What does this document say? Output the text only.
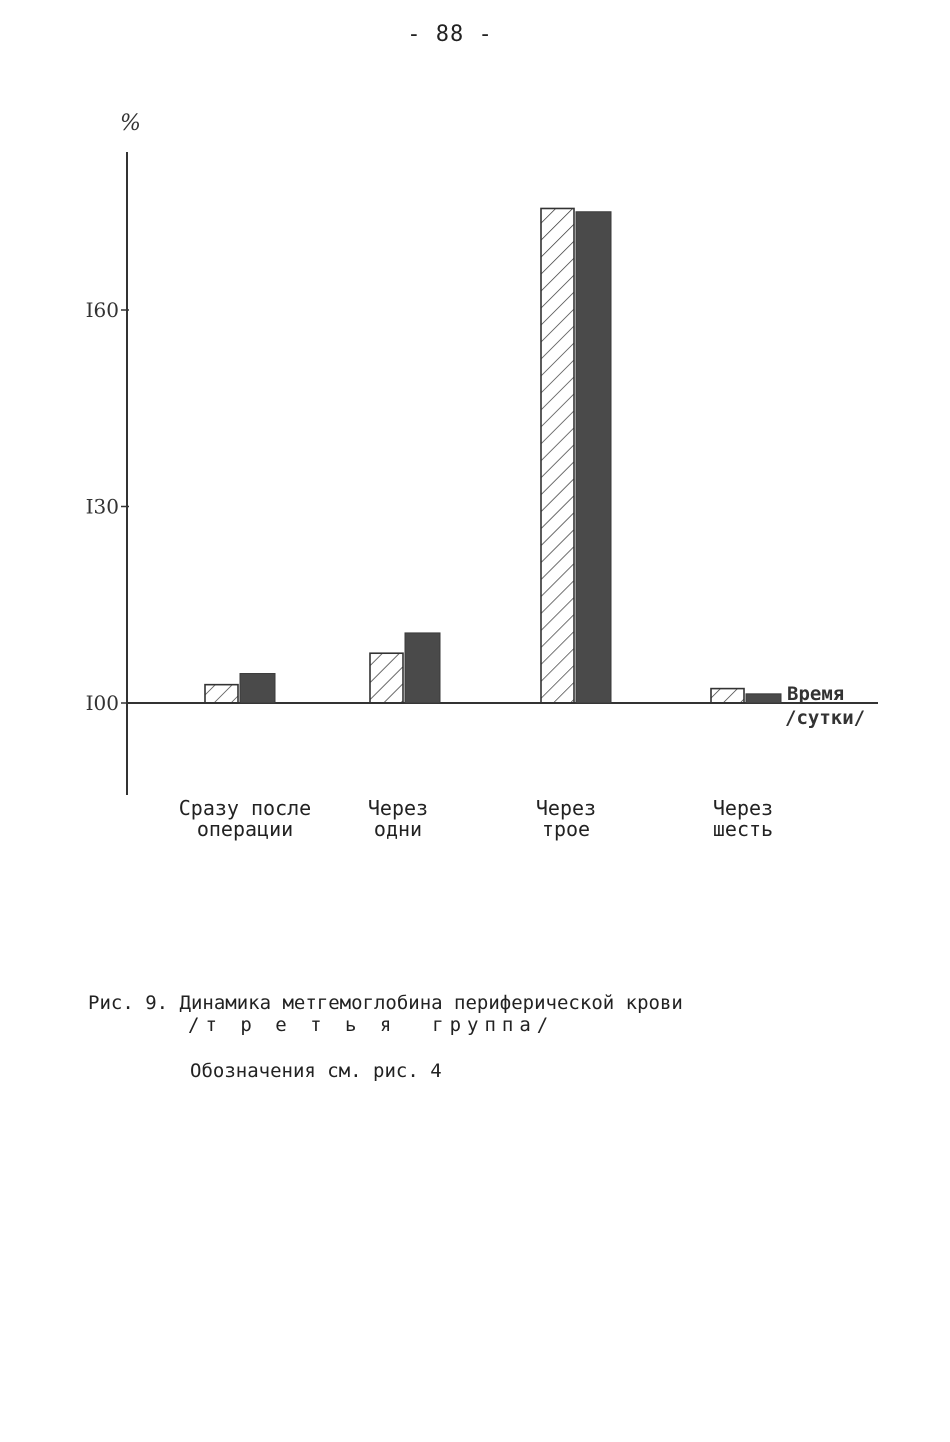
- 88 -
I00
I30
I60
%
Время
/сутки/
Сразу после
операции
Через
одни
Через
трое
Через
шесть
Рис. 9. Динамика метгемоглобина периферической крови
/т р е т ь я  группа/
Обозначения см. рис. 4
